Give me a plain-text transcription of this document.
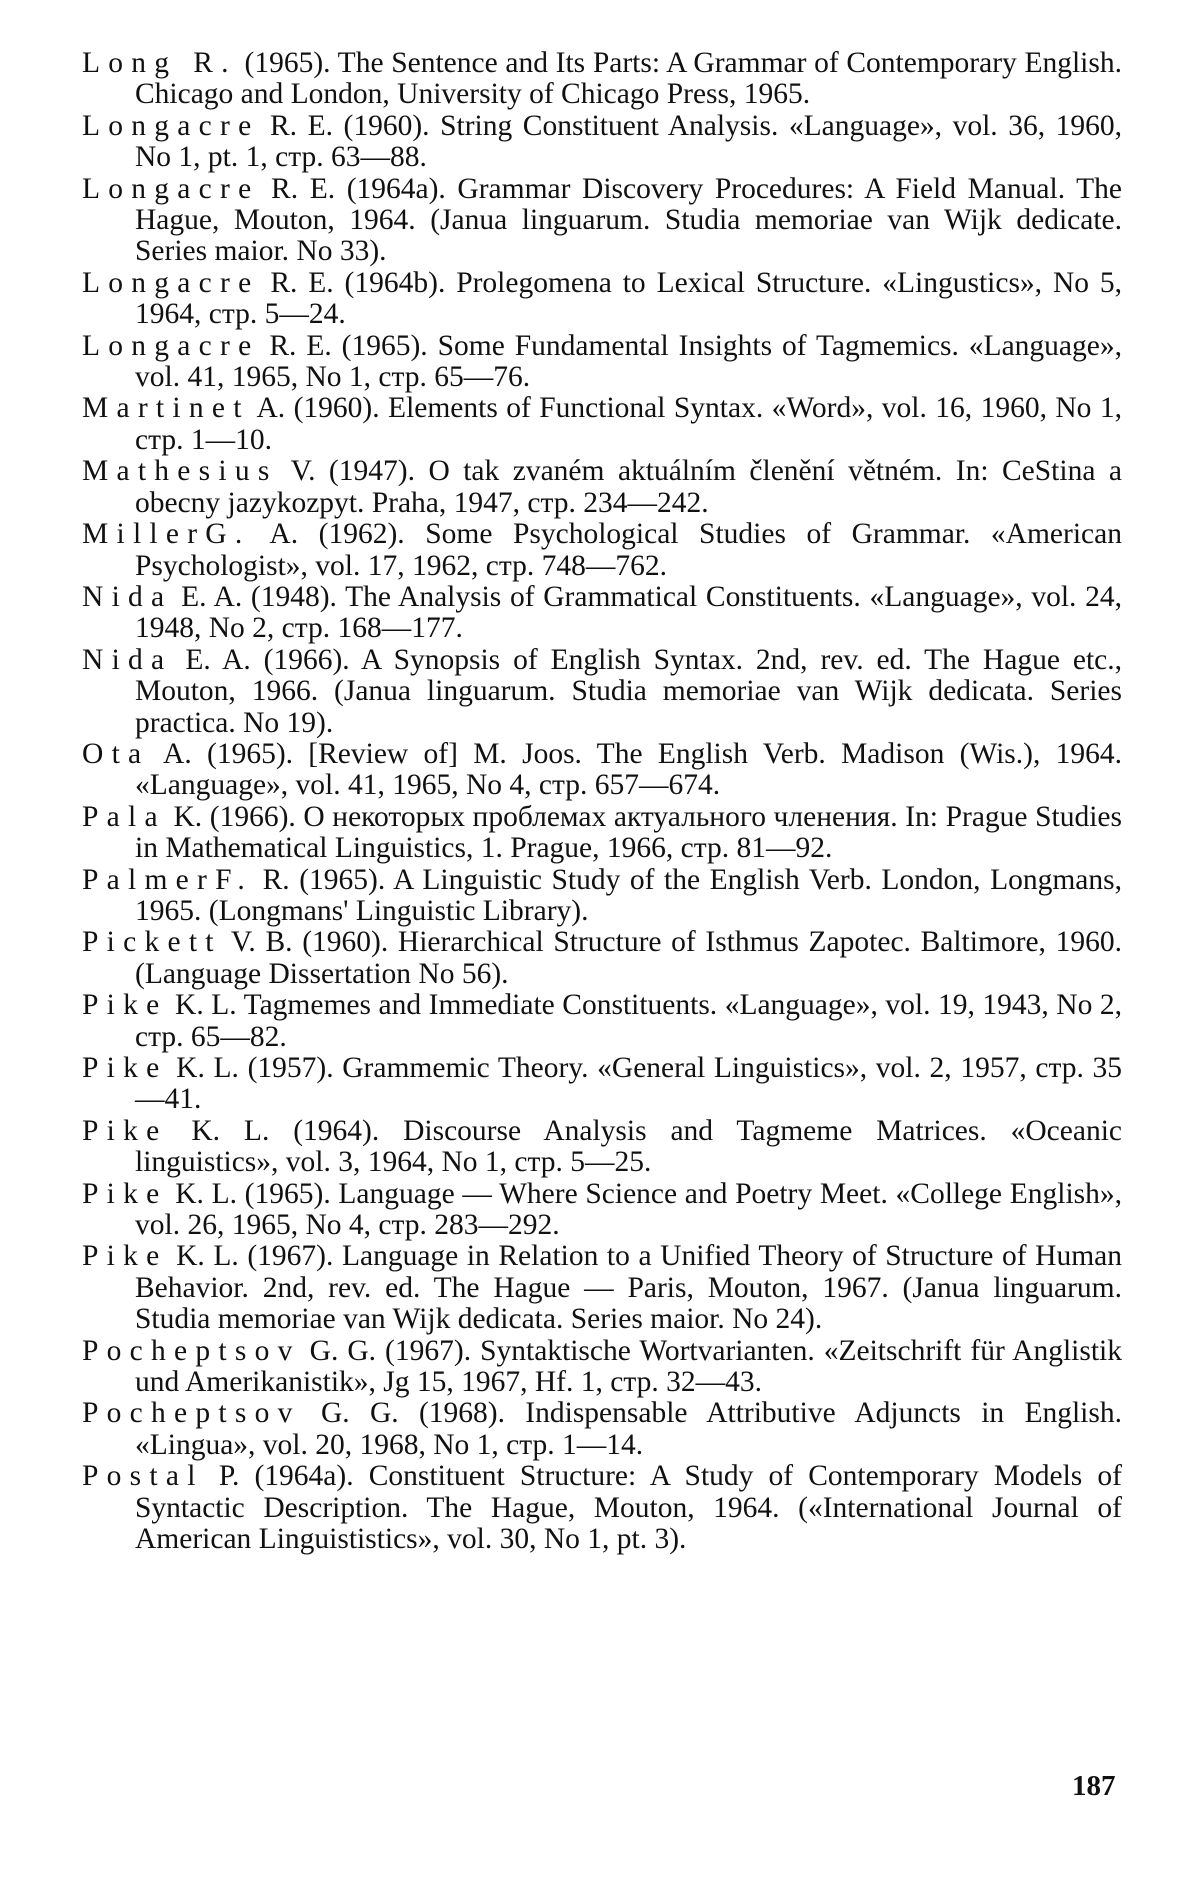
Long R. (1965). The Sentence and Its Parts: A Grammar of Contemporary English. Chicago and London, University of Chicago Press, 1965.

Longacre R. E. (1960). String Constituent Analysis. «Language», vol. 36, 1960, No 1, pt. 1, стр. 63—88.

Longacre R. E. (1964a). Grammar Discovery Procedures: A Field Manual. The Hague, Mouton, 1964. (Janua linguarum. Studia memoriae van Wijk dedicate. Series maior. No 33).

Longacre R. E. (1964b). Prolegomena to Lexical Structure. «Lingustics», No 5, 1964, стр. 5—24.

Longacre R. E. (1965). Some Fundamental Insights of Tagmemics. «Language», vol. 41, 1965, No 1, стр. 65—76.

Martinet A. (1960). Elements of Functional Syntax. «Word», vol. 16, 1960, No 1, стр. 1—10.

Mathesius V. (1947). O tak zvaném aktuálním členění větném. In: CeStina a obecny jazykozpyt. Praha, 1947, стр. 234—242.

MillerG. A. (1962). Some Psychological Studies of Grammar. «American Psychologist», vol. 17, 1962, стр. 748—762.

Nida E. A. (1948). The Analysis of Grammatical Constituents. «Language», vol. 24, 1948, No 2, стр. 168—177.

Nida E. A. (1966). A Synopsis of English Syntax. 2nd, rev. ed. The Hague etc., Mouton, 1966. (Janua linguarum. Studia memoriae van Wijk dedicata. Series practica. No 19).

Ota A. (1965). [Review of] M. Joos. The English Verb. Madison (Wis.), 1964. «Language», vol. 41, 1965, No 4, стр. 657—674.

Pala K. (1966). О некоторых проблемах актуального членения. In: Prague Studies in Mathematical Linguistics, 1. Prague, 1966, стр. 81—92.

PalmerF. R. (1965). A Linguistic Study of the English Verb. London, Longmans, 1965. (Longmans' Linguistic Library).

Pickett V. B. (1960). Hierarchical Structure of Isthmus Zapotec. Baltimore, 1960. (Language Dissertation No 56).

Pike K. L. Tagmemes and Immediate Constituents. «Language», vol. 19, 1943, No 2, стр. 65—82.

Pike K. L. (1957). Grammemic Theory. «General Linguistics», vol. 2, 1957, стр. 35—41.

Pike K. L. (1964). Discourse Analysis and Tagmeme Matrices. «Oceanic linguistics», vol. 3, 1964, No 1, стр. 5—25.

Pike K. L. (1965). Language — Where Science and Poetry Meet. «College English», vol. 26, 1965, No 4, стр. 283—292.

Pike K. L. (1967). Language in Relation to a Unified Theory of Structure of Human Behavior. 2nd, rev. ed. The Hague — Paris, Mouton, 1967. (Janua linguarum. Studia memoriae van Wijk dedicata. Series maior. No 24).

Pocheptsov G. G. (1967). Syntaktische Wortvarianten. «Zeitschrift für Anglistik und Amerikanistik», Jg 15, 1967, Hf. 1, стр. 32—43.

Pocheptsov G. G. (1968). Indispensable Attributive Adjuncts in English. «Lingua», vol. 20, 1968, No 1, стр. 1—14.

Postal P. (1964a). Constituent Structure: A Study of Contemporary Models of Syntactic Description. The Hague, Mouton, 1964. («International Journal of American Linguististics», vol. 30, No 1, pt. 3).

187
